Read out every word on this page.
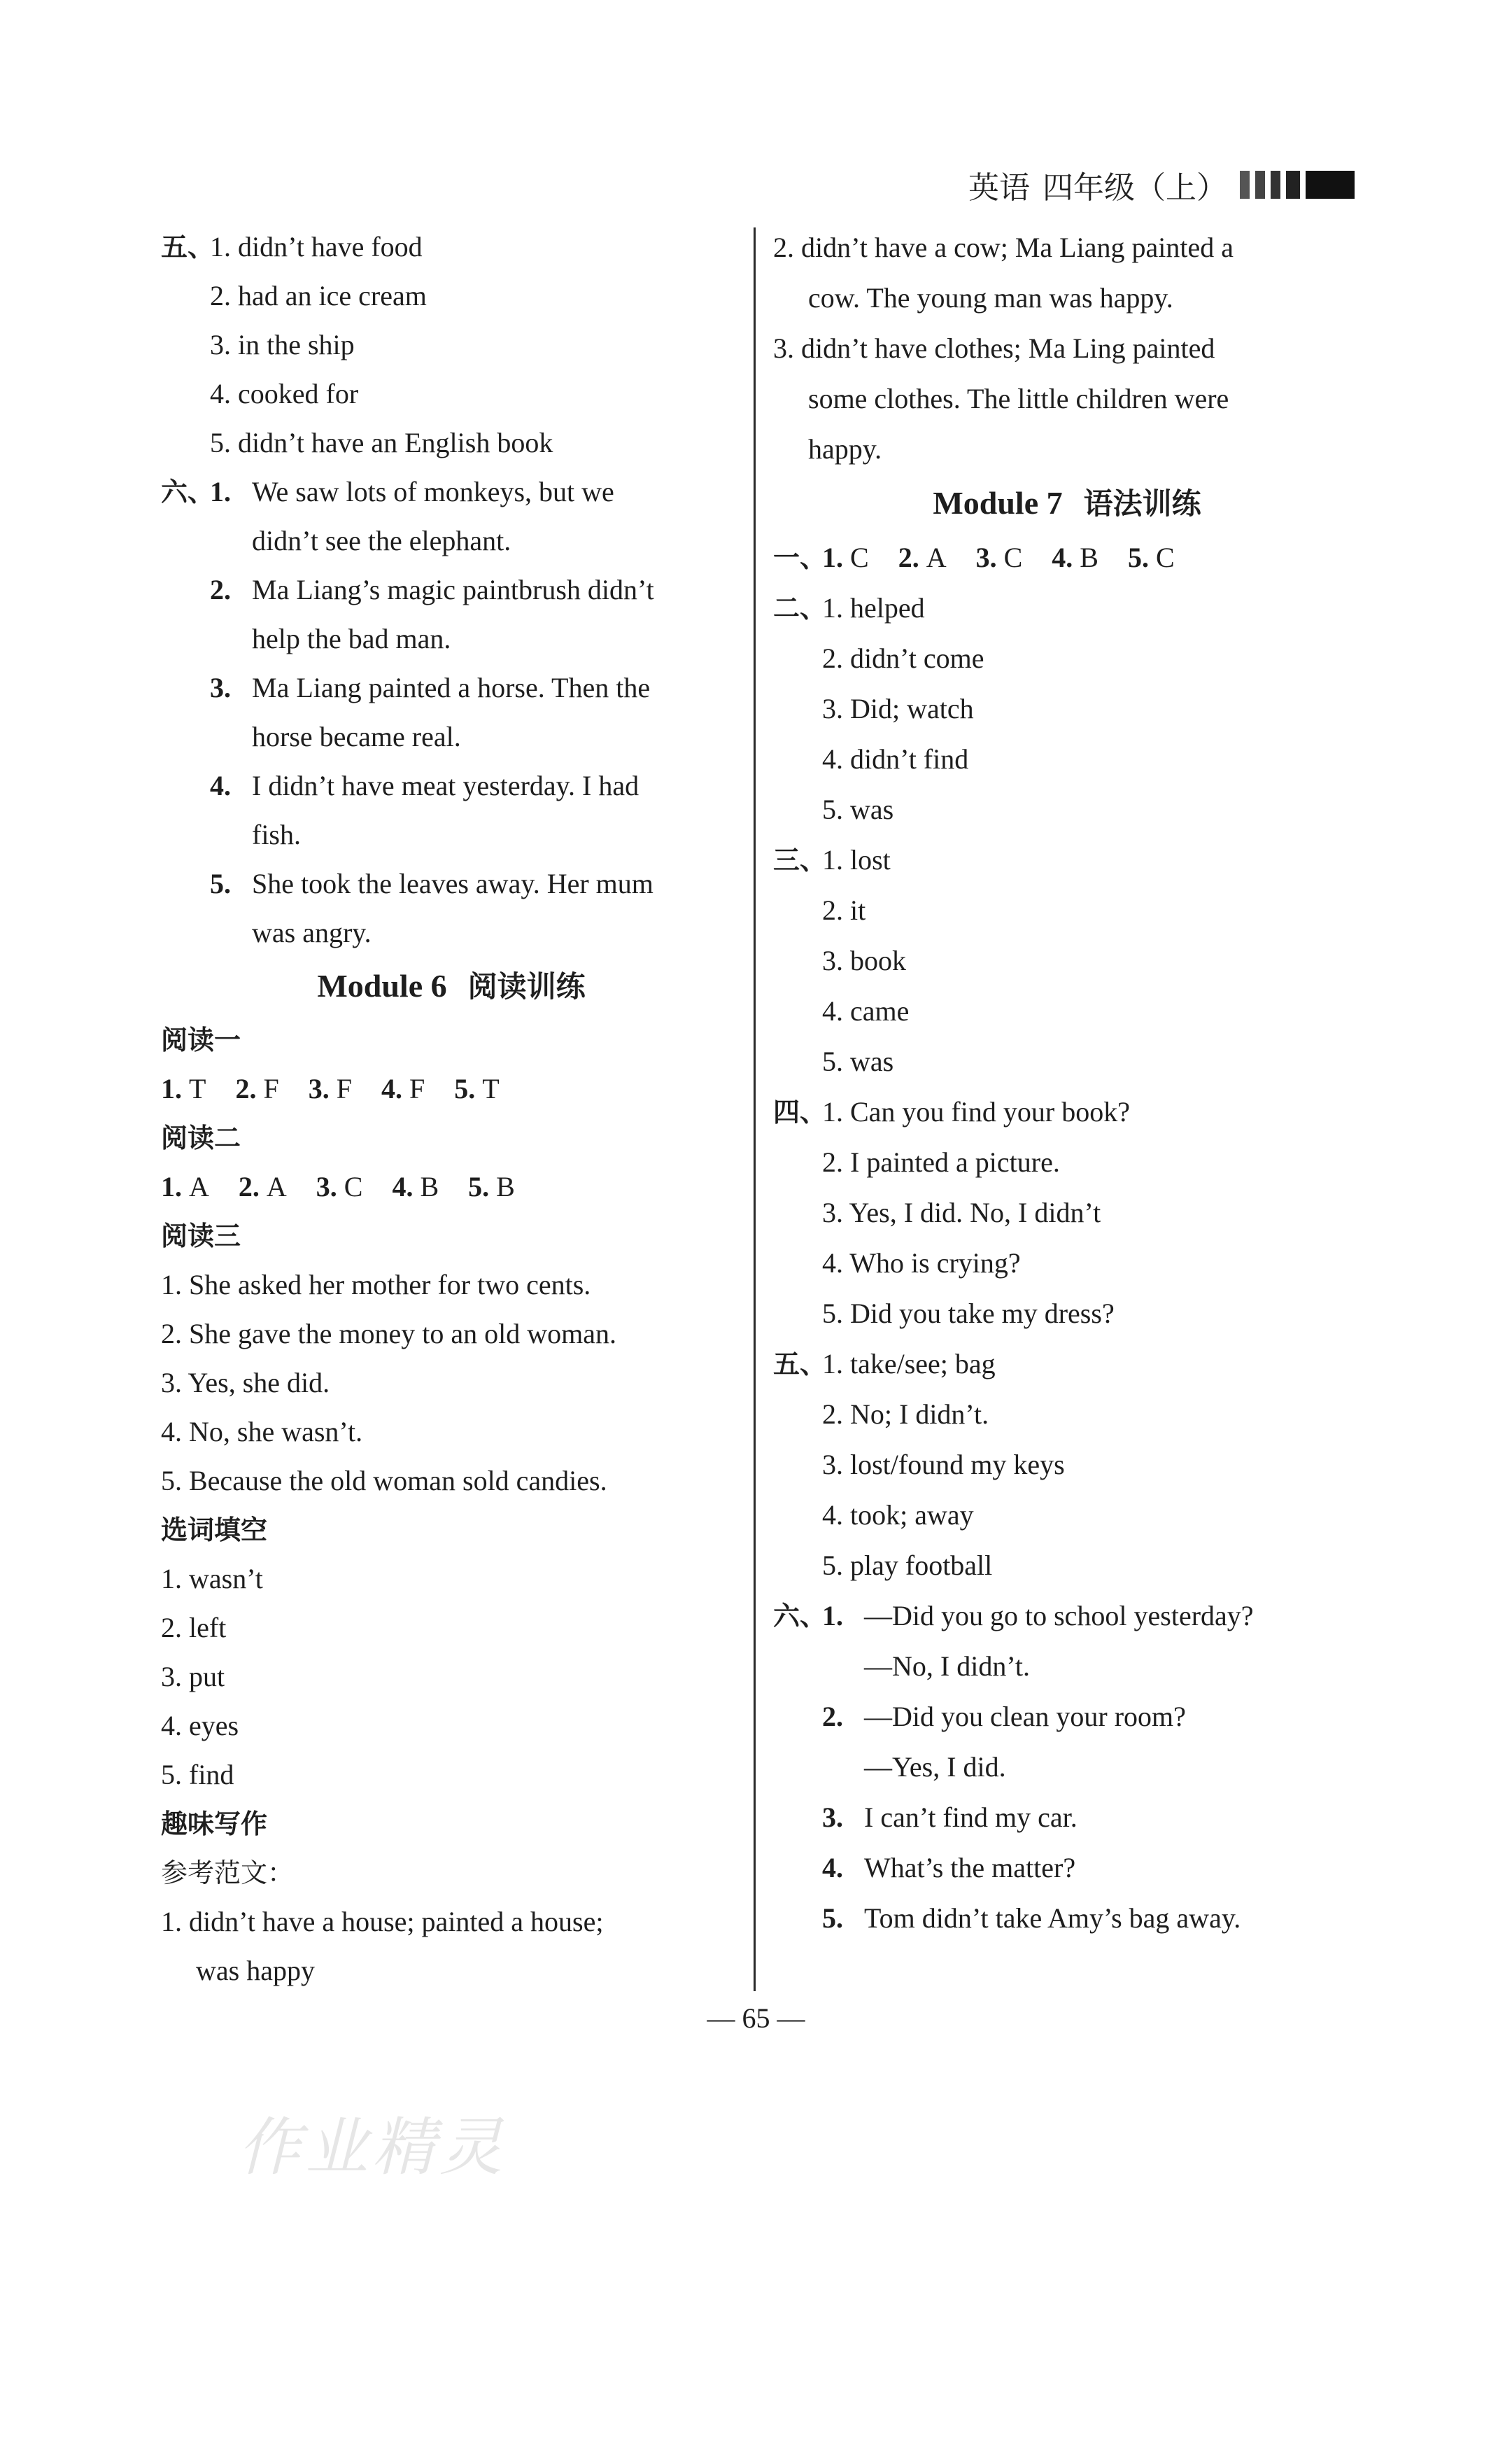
英语 四年级（上）
五、
1. didn’t have food
2. had an ice cream
3. in the ship
4. cooked for
5. didn’t have an English book
六、
1. We saw lots of monkeys, but we
didn’t see the elephant.
2. Ma Liang’s magic paintbrush didn’t
help the bad man.
3. Ma Liang painted a horse. Then the
horse became real.
4. I didn’t have meat yesterday. I had
fish.
5. She took the leaves away. Her mum
was angry.
Module 6 阅读训练
阅读一
1. T 2. F 3. F 4. F 5. T
阅读二
1. A 2. A 3. C 4. B 5. B
阅读三
1. She asked her mother for two cents.
2. She gave the money to an old woman.
3. Yes, she did.
4. No, she wasn’t.
5. Because the old woman sold candies.
选词填空
1. wasn’t
2. left
3. put
4. eyes
5. find
趣味写作
参考范文：
1. didn’t have a house; painted a house;
was happy
2. didn’t have a cow; Ma Liang painted a
cow. The young man was happy.
3. didn’t have clothes; Ma Ling painted
some clothes. The little children were
happy.
Module 7 语法训练
一、
1. C 2. A 3. C 4. B 5. C
二、
1. helped
2. didn’t come
3. Did; watch
4. didn’t find
5. was
三、
1. lost
2. it
3. book
4. came
5. was
四、
1. Can you find your book?
2. I painted a picture.
3. Yes, I did. No, I didn’t
4. Who is crying?
5. Did you take my dress?
五、
1. take/see; bag
2. No; I didn’t.
3. lost/found my keys
4. took; away
5. play football
六、
1. —Did you go to school yesterday?
—No, I didn’t.
2. —Did you clean your room?
—Yes, I did.
3. I can’t find my car.
4. What’s the matter?
5. Tom didn’t take Amy’s bag away.
— 65 —
作业精灵
